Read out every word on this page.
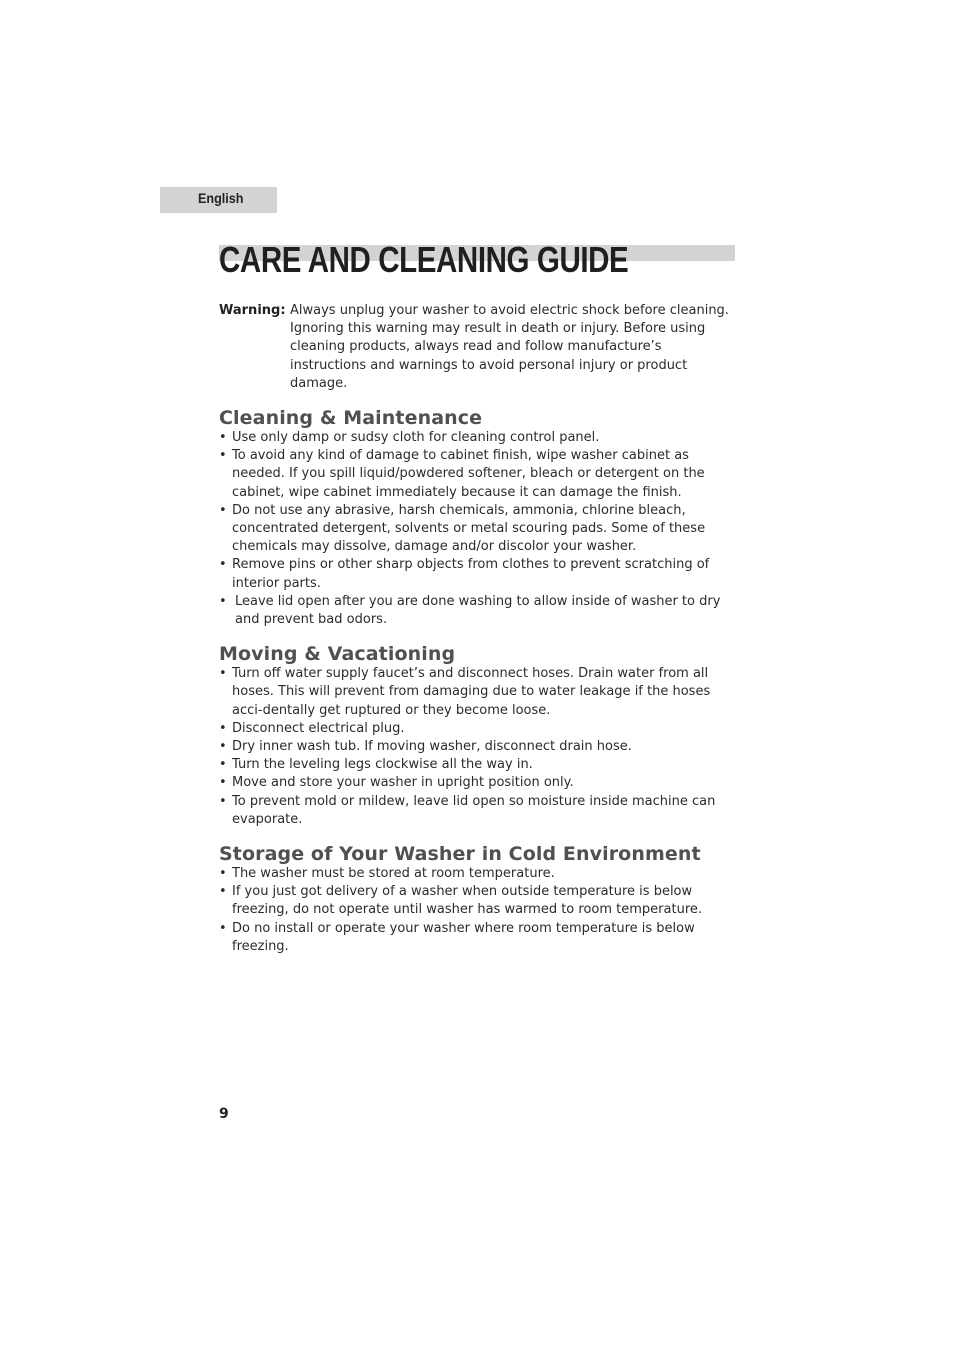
English
CARE AND CLEANING GUIDE
Warning: Always unplug your washer to avoid electric shock before cleaning. Ignoring this warning may result in death or injury. Before using cleaning products, always read and follow manufacture’s instructions and warnings to avoid personal injury or product damage.

Cleaning & Maintenance
• Use only damp or sudsy cloth for cleaning control panel.
• To avoid any kind of damage to cabinet finish, wipe washer cabinet as needed. If you spill liquid/powdered softener, bleach or detergent on the cabinet, wipe cabinet immediately because it can damage the finish.
• Do not use any abrasive, harsh chemicals, ammonia, chlorine bleach, concentrated detergent, solvents or metal scouring pads. Some of these chemicals may dissolve, damage and/or discolor your washer.
• Remove pins or other sharp objects from clothes to prevent scratching of interior parts.
• Leave lid open after you are done washing to allow inside of washer to dry and prevent bad odors.
Moving & Vacationing
• Turn off water supply faucet’s and disconnect hoses. Drain water from all hoses. This will prevent from damaging due to water leakage if the hoses acci-dentally get ruptured or they become loose.
• Disconnect electrical plug.
• Dry inner wash tub. If moving washer, disconnect drain hose.
• Turn the leveling legs clockwise all the way in.
• Move and store your washer in upright position only.
• To prevent mold or mildew, leave lid open so moisture inside machine can evaporate.
Storage of Your Washer in Cold Environment
• The washer must be stored at room temperature.
• If you just got delivery of a washer when outside temperature is below freezing, do not operate until washer has warmed to room temperature.
• Do no install or operate your washer where room temperature is below freezing.
9
